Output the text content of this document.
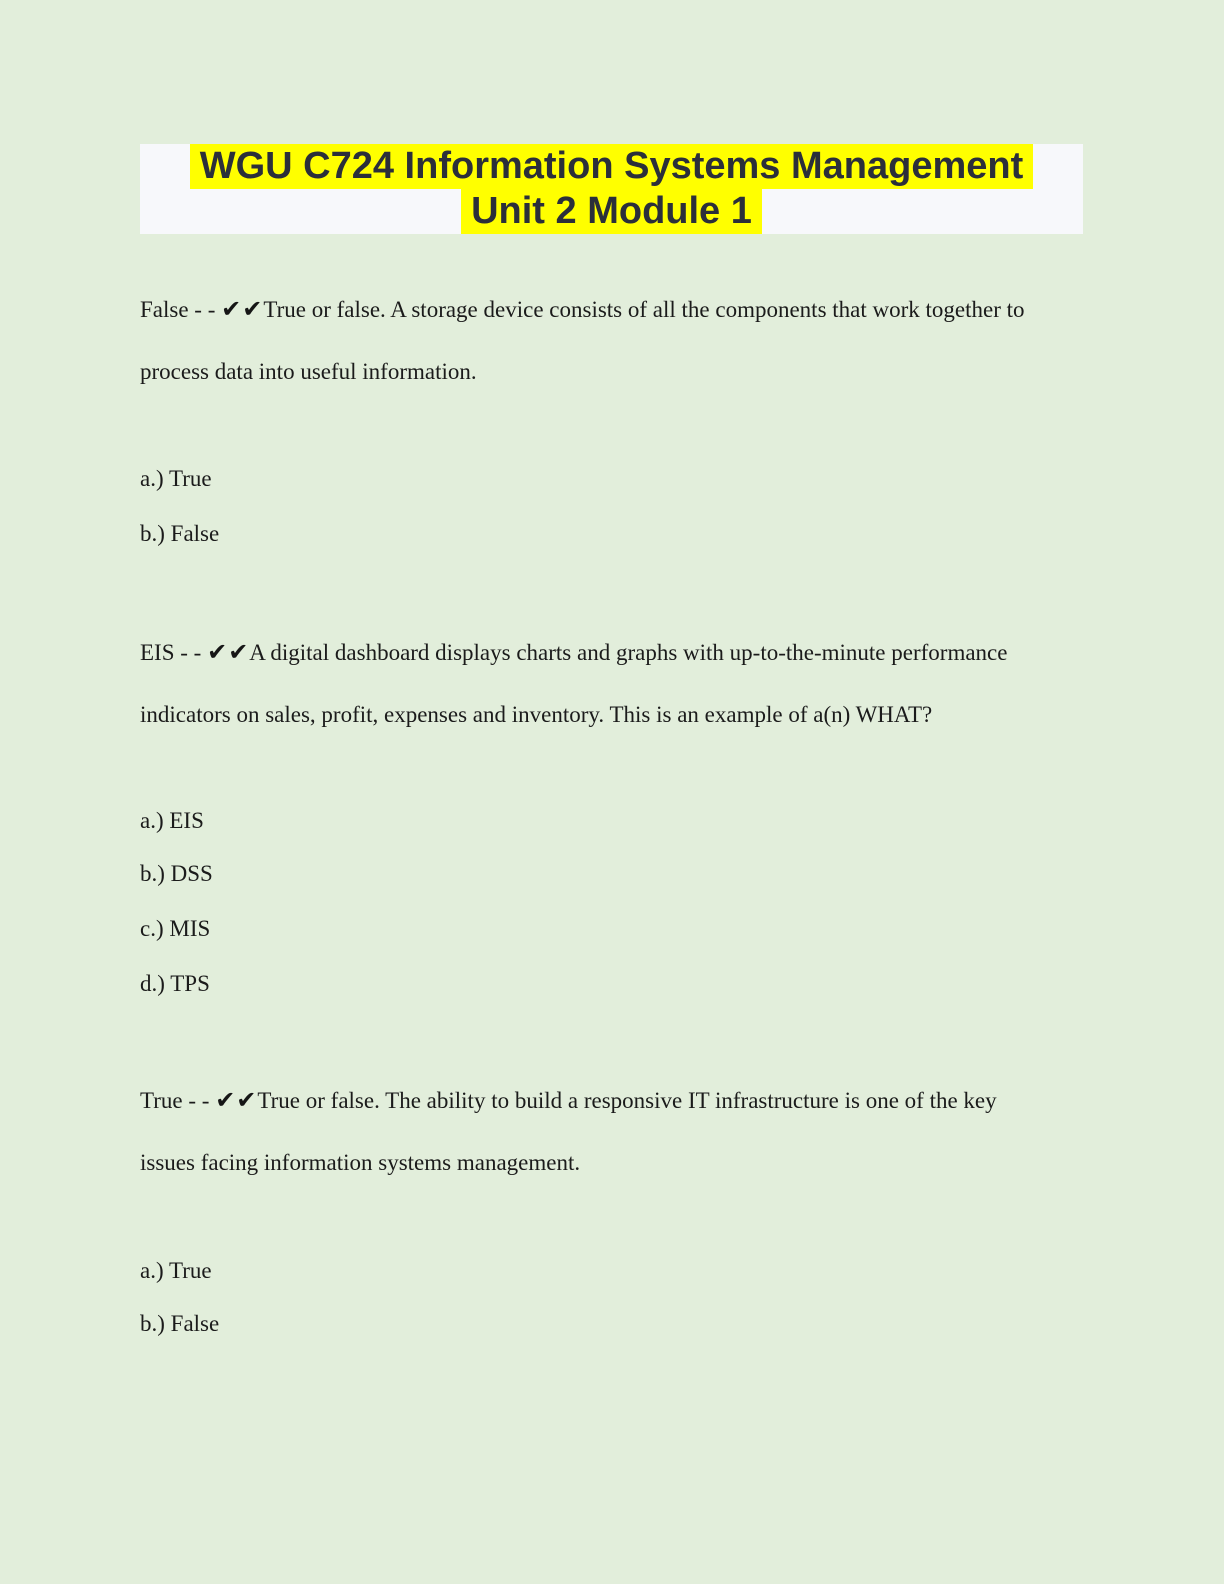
WGU C724 Information Systems Management
Unit 2 Module 1

False - - ✔✔True or false. A storage device consists of all the components that work together to
process data into useful information.

a.) True

b.) False

EIS - - ✔✔A digital dashboard displays charts and graphs with up-to-the-minute performance
indicators on sales, profit, expenses and inventory. This is an example of a(n) WHAT?

a.) EIS

b.) DSS

c.) MIS

d.) TPS

True - - ✔✔True or false. The ability to build a responsive IT infrastructure is one of the key
issues facing information systems management.

a.) True

b.) False
